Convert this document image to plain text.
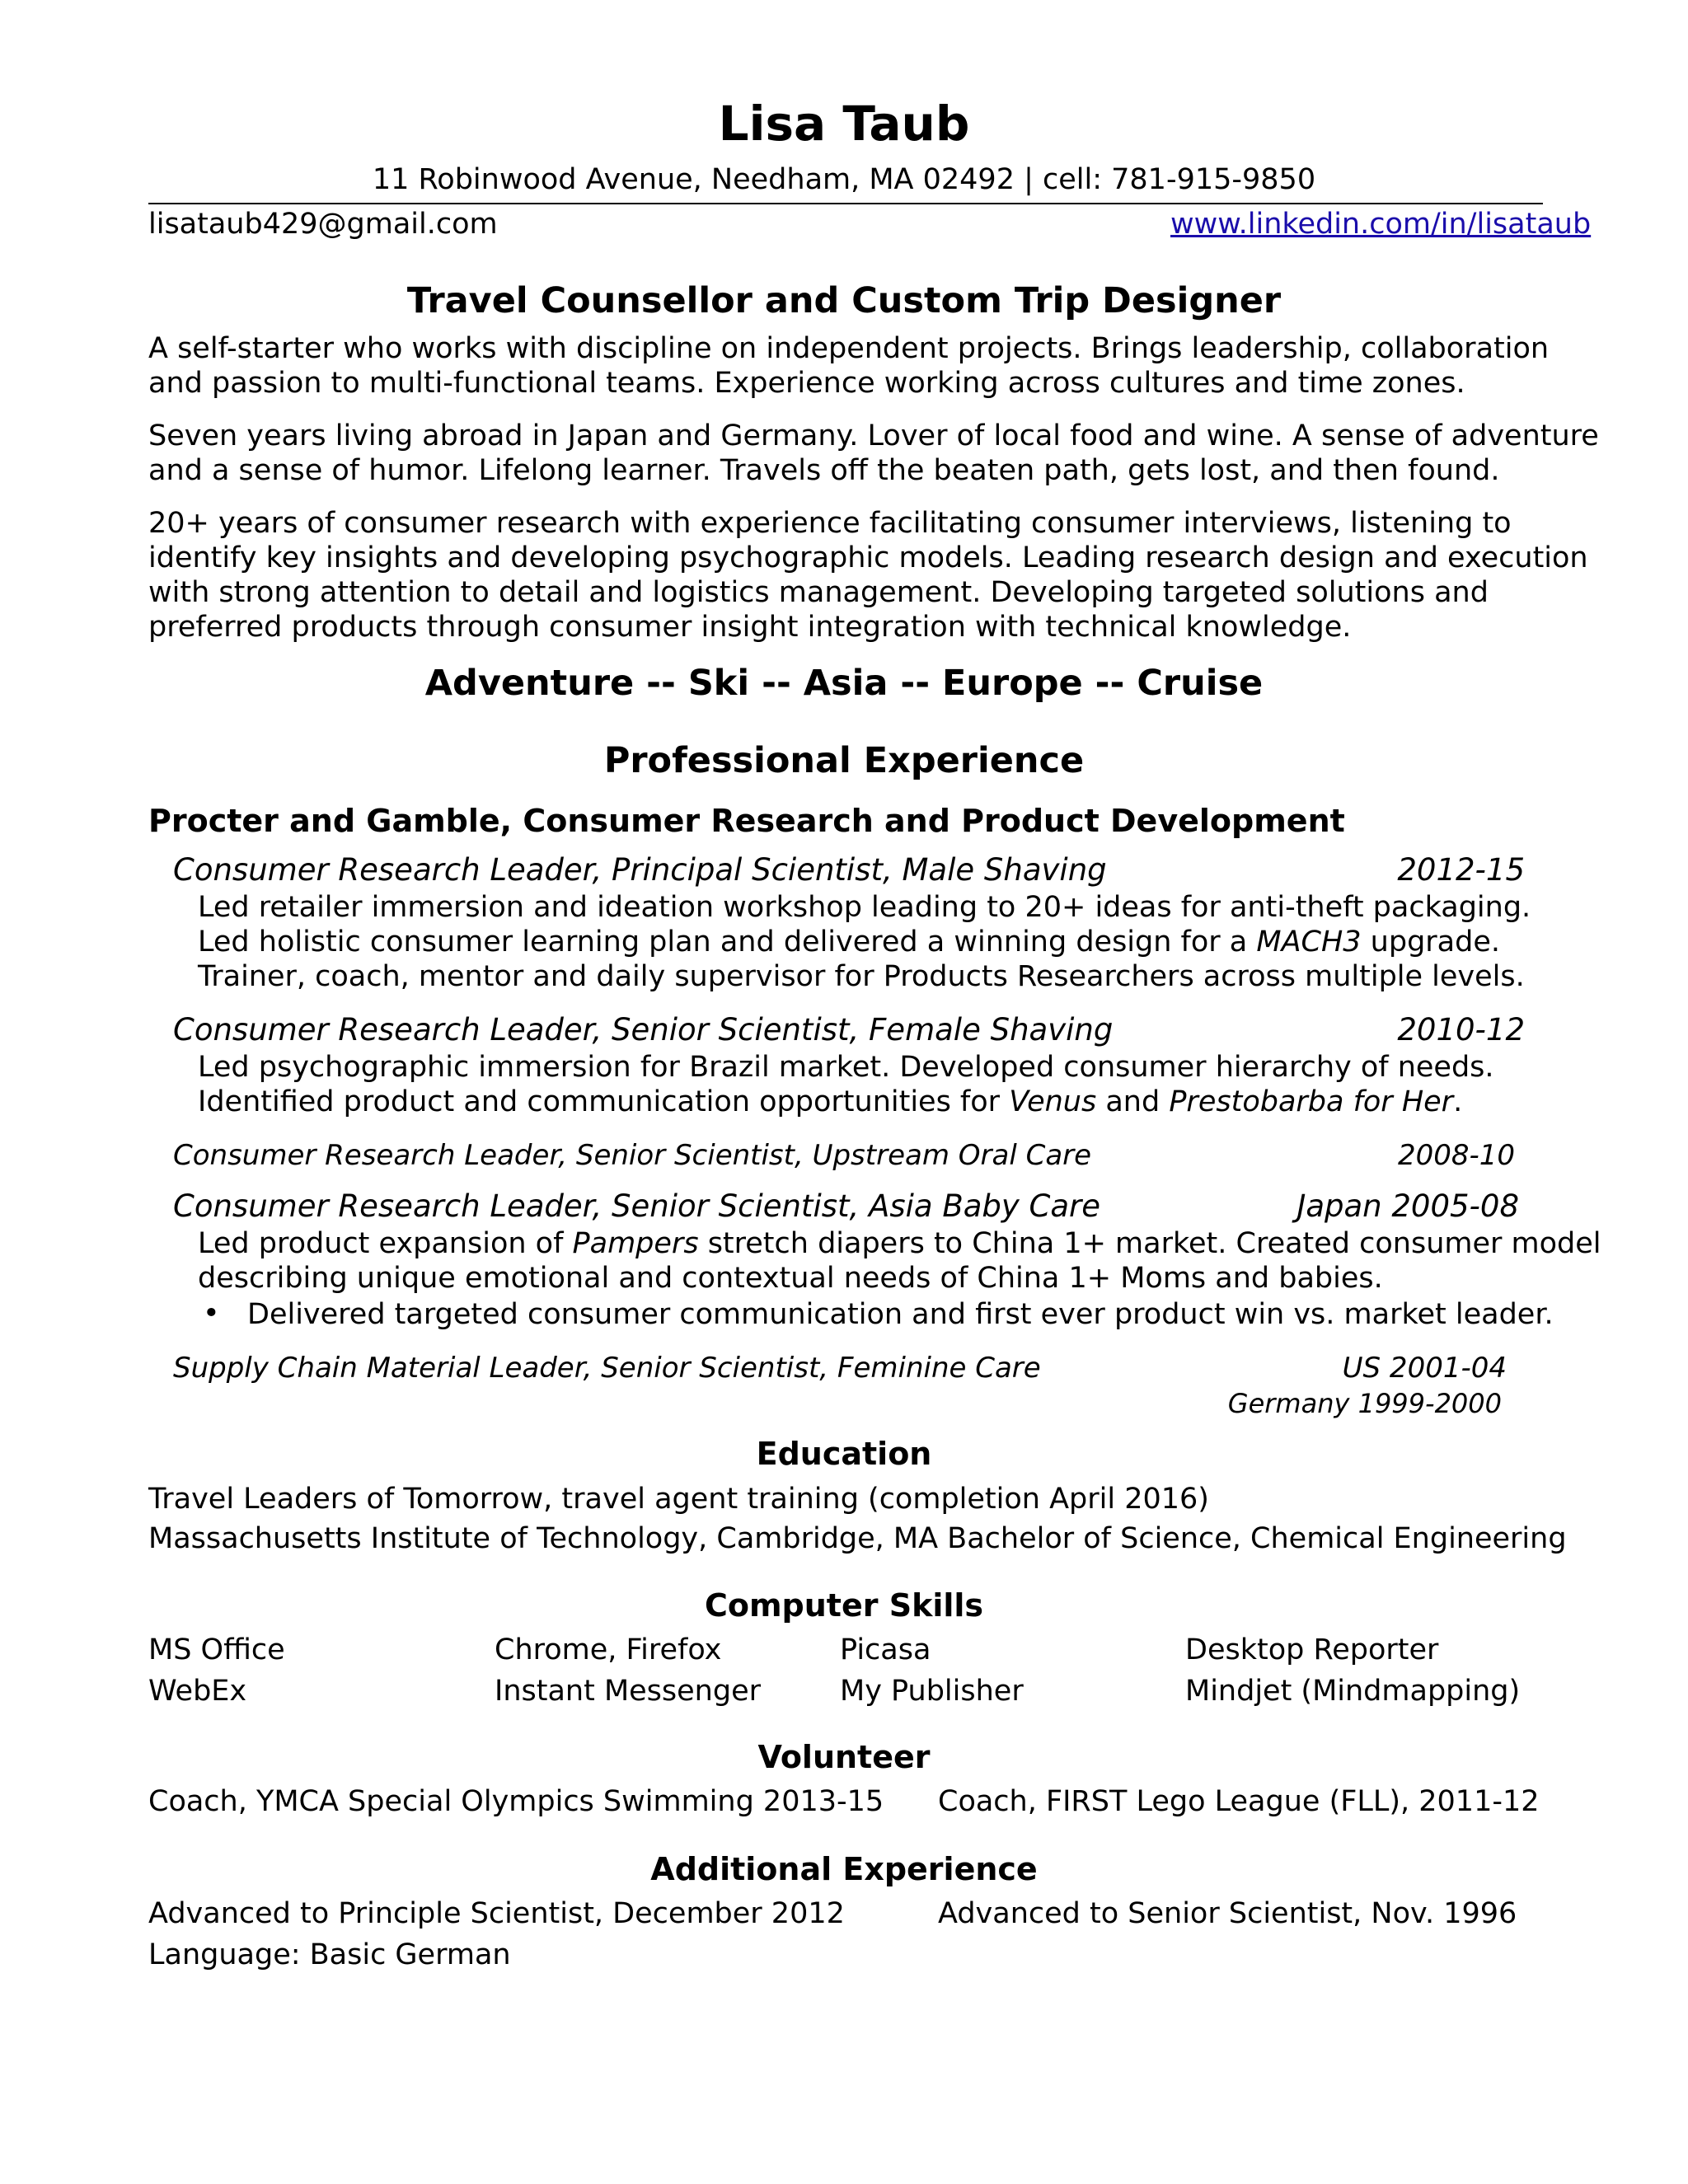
Lisa Taub
11 Robinwood Avenue, Needham, MA 02492 | cell: 781-915-9850
lisataub429@gmail.com	www.linkedin.com/in/lisataub
Travel Counsellor and Custom Trip Designer
A self-starter who works with discipline on independent projects. Brings leadership, collaboration
and passion to multi-functional teams. Experience working across cultures and time zones.
Seven years living abroad in Japan and Germany. Lover of local food and wine. A sense of adventure
and a sense of humor. Lifelong learner. Travels off the beaten path, gets lost, and then found.
20+ years of consumer research with experience facilitating consumer interviews, listening to
identify key insights and developing psychographic models. Leading research design and execution
with strong attention to detail and logistics management. Developing targeted solutions and
preferred products through consumer insight integration with technical knowledge.
Adventure -- Ski -- Asia -- Europe -- Cruise
Professional Experience
Procter and Gamble, Consumer Research and Product Development
Consumer Research Leader, Principal Scientist, Male Shaving	2012-15
Led retailer immersion and ideation workshop leading to 20+ ideas for anti-theft packaging.
Led holistic consumer learning plan and delivered a winning design for a MACH3 upgrade.
Trainer, coach, mentor and daily supervisor for Products Researchers across multiple levels.
Consumer Research Leader, Senior Scientist, Female Shaving	2010-12
Led psychographic immersion for Brazil market. Developed consumer hierarchy of needs.
Identified product and communication opportunities for Venus and Prestobarba for Her.
Consumer Research Leader, Senior Scientist, Upstream Oral Care	2008-10
Consumer Research Leader, Senior Scientist, Asia Baby Care	Japan 2005-08
Led product expansion of Pampers stretch diapers to China 1+ market. Created consumer model
describing unique emotional and contextual needs of China 1+ Moms and babies.
• Delivered targeted consumer communication and first ever product win vs. market leader.
Supply Chain Material Leader, Senior Scientist, Feminine Care	US 2001-04
Germany 1999-2000
Education
Travel Leaders of Tomorrow, travel agent training (completion April 2016)
Massachusetts Institute of Technology, Cambridge, MA Bachelor of Science, Chemical Engineering
Computer Skills
MS Office	Chrome, Firefox	Picasa	Desktop Reporter
WebEx	Instant Messenger	My Publisher	Mindjet (Mindmapping)
Volunteer
Coach, YMCA Special Olympics Swimming 2013-15 Coach, FIRST Lego League (FLL), 2011-12
Additional Experience
Advanced to Principle Scientist, December 2012	Advanced to Senior Scientist, Nov. 1996
Language: Basic German
